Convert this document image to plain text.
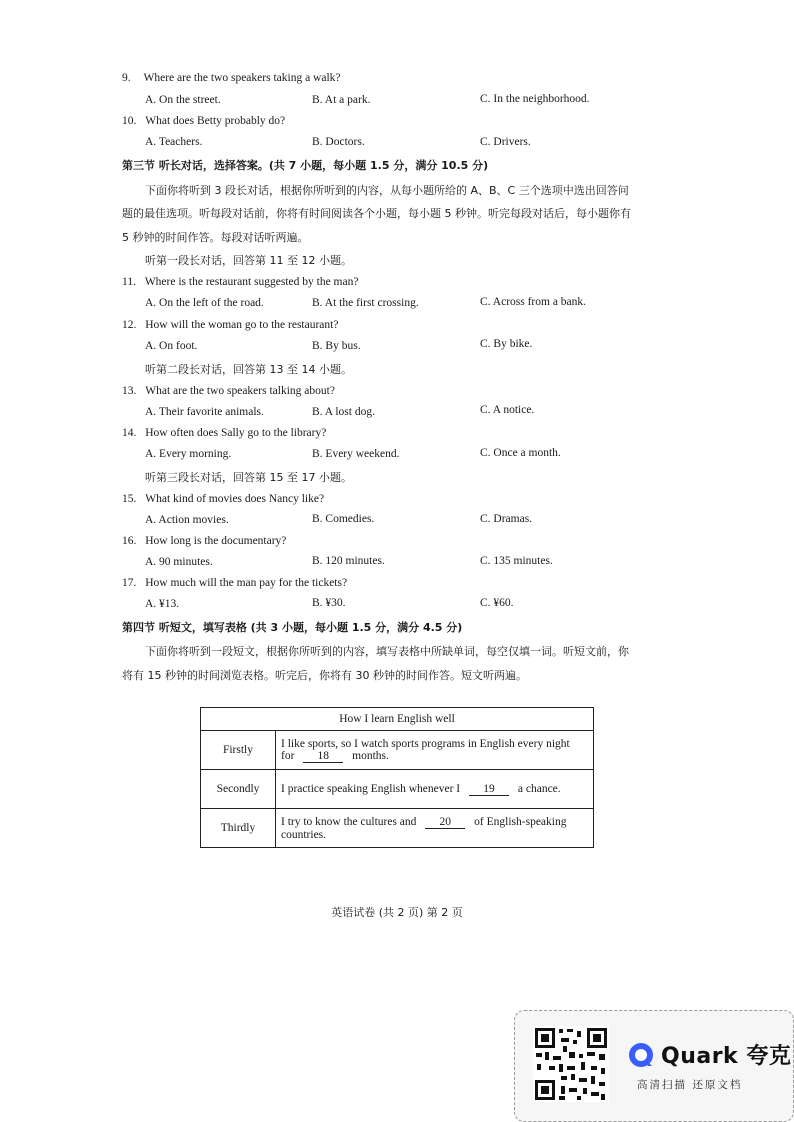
9. Where are the two speakers taking a walk?
A. On the street.	B. At a park.	C. In the neighborhood.
10. What does Betty probably do?
A. Teachers.	B. Doctors.	C. Drivers.
第三节 听长对话，选择答案。(共 7 小题，每小题 1.5 分，满分 10.5 分)
下面你将听到 3 段长对话，根据你所听到的内容，从每小题所给的 A、B、C 三个选项中选出回答问
题的最佳选项。听每段对话前，你将有时间阅读各个小题，每小题 5 秒钟。听完每段对话后，每小题你有
5 秒钟的时间作答。每段对话听两遍。
听第一段长对话，回答第 11 至 12 小题。
11. Where is the restaurant suggested by the man?
A. On the left of the road.	B. At the first crossing.	C. Across from a bank.
12. How will the woman go to the restaurant?
A. On foot.	B. By bus.	C. By bike.
听第二段长对话，回答第 13 至 14 小题。
13. What are the two speakers talking about?
A. Their favorite animals.	B. A lost dog.	C. A notice.
14. How often does Sally go to the library?
A. Every morning.	B. Every weekend.	C. Once a month.
听第三段长对话，回答第 15 至 17 小题。
15. What kind of movies does Nancy like?
A. Action movies.	B. Comedies.	C. Dramas.
16. How long is the documentary?
A. 90 minutes.	B. 120 minutes.	C. 135 minutes.
17. How much will the man pay for the tickets?
A. ¥13.	B. ¥30.	C. ¥60.
第四节 听短文，填写表格 (共 3 小题，每小题 1.5 分，满分 4.5 分)
下面你将听到一段短文，根据你所听到的内容，填写表格中所缺单词，每空仅填一词。听短文前，你
将有 15 秒钟的时间浏览表格。听完后，你将有 30 秒钟的时间作答。短文听两遍。
How I learn English well	
Firstly	I like sports, so I watch sports programs in English every night
for 18 months.

Secondly	I practice speaking English whenever I 19 a chance.
Thirdly	I try to know the cultures and 20 of English-speaking
countries.
英语试卷 (共 2 页) 第 2 页
Quark 夸克
高清扫描 还原文档
